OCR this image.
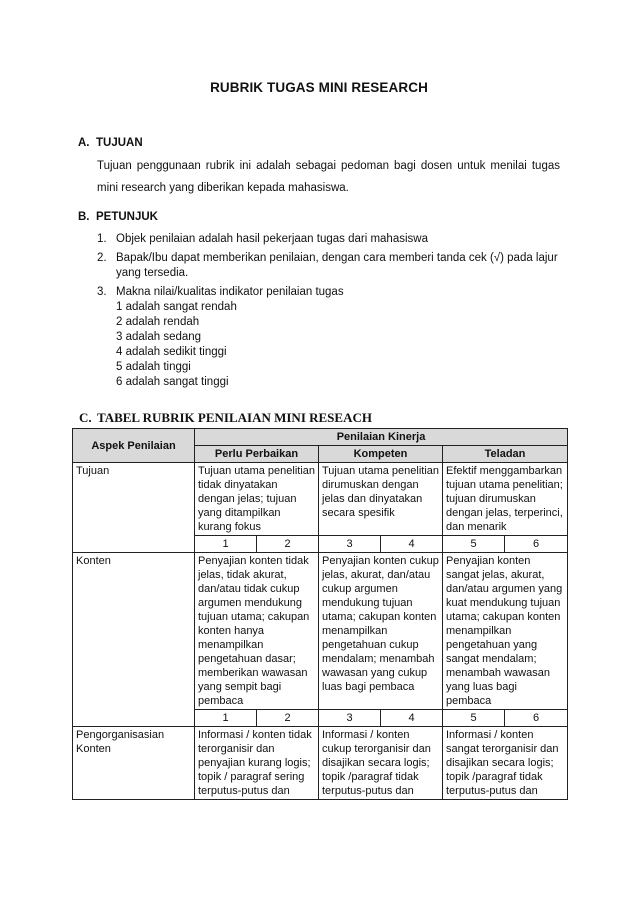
RUBRIK TUGAS MINI RESEARCH
A. TUJUAN
Tujuan penggunaan rubrik ini adalah sebagai pedoman bagi dosen untuk menilai tugas mini research yang diberikan kepada mahasiswa.
B. PETUNJUK
1. Objek penilaian adalah hasil pekerjaan tugas dari mahasiswa
2. Bapak/Ibu dapat memberikan penilaian, dengan cara memberi tanda cek (√) pada lajur yang tersedia.
3. Makna nilai/kualitas indikator penilaian tugas
1 adalah sangat rendah
2 adalah rendah
3 adalah sedang
4 adalah sedikit tinggi
5 adalah tinggi
6 adalah sangat tinggi
C. TABEL RUBRIK PENILAIAN MINI RESEACH
Aspek Penilaian	Penilaian Kinerja					
	Perlu Perbaikan		Kompeten		Teladan	
Tujuan	Tujuan utama penelitian tidak dinyatakan dengan jelas; tujuan yang ditampilkan kurang fokus		Tujuan utama penelitian dirumuskan dengan jelas dan dinyatakan secara spesifik		Efektif menggambarkan tujuan utama penelitian; tujuan dirumuskan dengan jelas, terperinci, dan menarik	
	1	2	3	4	5	6
Konten	Penyajian konten tidak jelas, tidak akurat, dan/atau tidak cukup argumen mendukung tujuan utama; cakupan konten hanya menampilkan pengetahuan dasar; memberikan wawasan yang sempit bagi pembaca		Penyajian konten cukup jelas, akurat, dan/atau cukup argumen mendukung tujuan utama; cakupan konten menampilkan pengetahuan cukup mendalam; menambah wawasan yang cukup luas bagi pembaca		Penyajian konten sangat jelas, akurat, dan/atau argumen yang kuat mendukung tujuan utama; cakupan konten menampilkan pengetahuan yang sangat mendalam; menambah wawasan yang luas bagi pembaca	
	1	2	3	4	5	6
Pengorganisasian Konten	Informasi / konten tidak terorganisir dan penyajian kurang logis; topik / paragraf sering terputus-putus dan		Informasi / konten cukup terorganisir dan disajikan secara logis; topik /paragraf tidak terputus-putus dan		Informasi / konten sangat terorganisir dan disajikan secara logis; topik /paragraf tidak terputus-putus dan	
